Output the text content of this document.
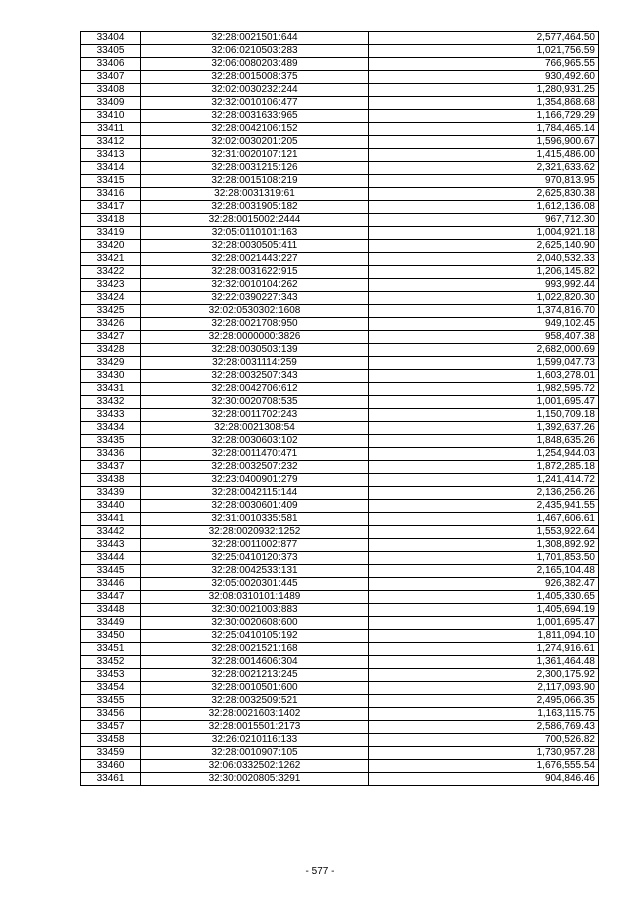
33404	32:28:0021501:644	2,577,464.50
33405	32:06:0210503:283	1,021,756.59
33406	32:06:0080203:489	766,965.55
33407	32:28:0015008:375	930,492.60
33408	32:02:0030232:244	1,280,931.25
33409	32:32:0010106:477	1,354,868.68
33410	32:28:0031633:965	1,166,729.29
33411	32:28:0042106:152	1,784,465.14
33412	32:02:0030201:205	1,596,900.67
33413	32:31:0020107:121	1,415,486.00
33414	32:28:0031215:126	2,321,633.62
33415	32:28:0015108:219	970,813.95
33416	32:28:0031319:61	2,625,830.38
33417	32:28:0031905:182	1,612,136.08
33418	32:28:0015002:2444	967,712.30
33419	32:05:0110101:163	1,004,921.18
33420	32:28:0030505:411	2,625,140.90
33421	32:28:0021443:227	2,040,532.33
33422	32:28:0031622:915	1,206,145.82
33423	32:32:0010104:262	993,992.44
33424	32:22:0390227:343	1,022,820.30
33425	32:02:0530302:1608	1,374,816.70
33426	32:28:0021708:950	949,102.45
33427	32:28:0000000:3826	958,407.38
33428	32:28:0030503:139	2,682,000.69
33429	32:28:0031114:259	1,599,047.73
33430	32:28:0032507:343	1,603,278.01
33431	32:28:0042706:612	1,982,595.72
33432	32:30:0020708:535	1,001,695.47
33433	32:28:0011702:243	1,150,709.18
33434	32:28:0021308:54	1,392,637.26
33435	32:28:0030603:102	1,848,635.26
33436	32:28:0011470:471	1,254,944.03
33437	32:28:0032507:232	1,872,285.18
33438	32:23:0400901:279	1,241,414.72
33439	32:28:0042115:144	2,136,256.26
33440	32:28:0030601:409	2,435,941.55
33441	32:31:0010335:581	1,467,606.61
33442	32:28:0020932:1252	1,553,922.64
33443	32:28:0011002:877	1,308,892.92
33444	32:25:0410120:373	1,701,853.50
33445	32:28:0042533:131	2,165,104.48
33446	32:05:0020301:445	926,382.47
33447	32:08:0310101:1489	1,405,330.65
33448	32:30:0021003:883	1,405,694.19
33449	32:30:0020608:600	1,001,695.47
33450	32:25:0410105:192	1,811,094.10
33451	32:28:0021521:168	1,274,916.61
33452	32:28:0014606:304	1,361,464.48
33453	32:28:0021213:245	2,300,175.92
33454	32:28:0010501:600	2,117,093.90
33455	32:28:0032509:521	2,495,066.35
33456	32:28:0021603:1402	1,163,115.75
33457	32:28:0015501:2173	2,586,769.43
33458	32:26:0210116:133	700,526.82
33459	32:28:0010907:105	1,730,957.28
33460	32:06:0332502:1262	1,676,555.54
33461	32:30:0020805:3291	904,846.46
- 577 -
